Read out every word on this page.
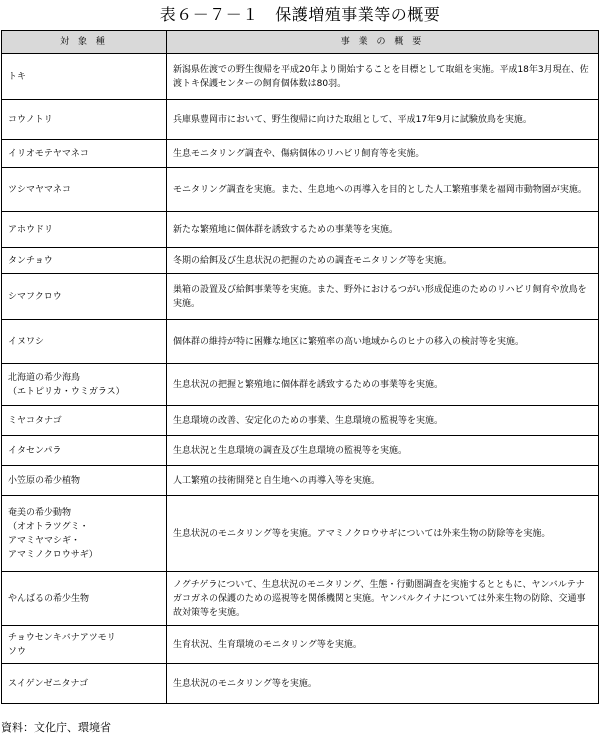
表６－７－１　保護増殖事業等の概要
対 象 種	事 業 の 概 要
トキ	新潟県佐渡での野生復帰を平成20年より開始することを目標として取組を実施。平成18年3月現在、佐渡トキ保護センターの飼育個体数は80羽。
コウノトリ	兵庫県豊岡市において、野生復帰に向けた取組として、平成17年9月に試験放鳥を実施。
イリオモテヤマネコ	生息モニタリング調査や、傷病個体のリハビリ飼育等を実施。
ツシマヤマネコ	モニタリング調査を実施。また、生息地への再導入を目的とした人工繁殖事業を福岡市動物園が実施。
アホウドリ	新たな繁殖地に個体群を誘致するための事業等を実施。
タンチョウ	冬期の給餌及び生息状況の把握のための調査モニタリング等を実施。
シマフクロウ	巣箱の設置及び給餌事業等を実施。また、野外におけるつがい形成促進のためのリハビリ飼育や放鳥を実施。
イヌワシ	個体群の維持が特に困難な地区に繁殖率の高い地域からのヒナの移入の検討等を実施。
北海道の希少海鳥
（エトピリカ・ウミガラス）	生息状況の把握と繁殖地に個体群を誘致するための事業等を実施。
ミヤコタナゴ	生息環境の改善、安定化のための事業、生息環境の監視等を実施。
イタセンパラ	生息状況と生息環境の調査及び生息環境の監視等を実施。
小笠原の希少植物	人工繁殖の技術開発と自生地への再導入等を実施。
奄美の希少動物
（オオトラツグミ・
アマミヤマシギ・
アマミノクロウサギ）	生息状況のモニタリング等を実施。アマミノクロウサギについては外来生物の防除等を実施。
やんばるの希少生物	ノグチゲラについて、生息状況のモニタリング、生態・行動圏調査を実施するとともに、ヤンバルテナガコガネの保護のための巡視等を関係機関と実施。ヤンバルクイナについては外来生物の防除、交通事故対策等を実施。
チョウセンキバナアツモリ
ソウ	生育状況、生育環境のモニタリング等を実施。
スイゲンゼニタナゴ	生息状況のモニタリング等を実施。
資料：文化庁、環境省
